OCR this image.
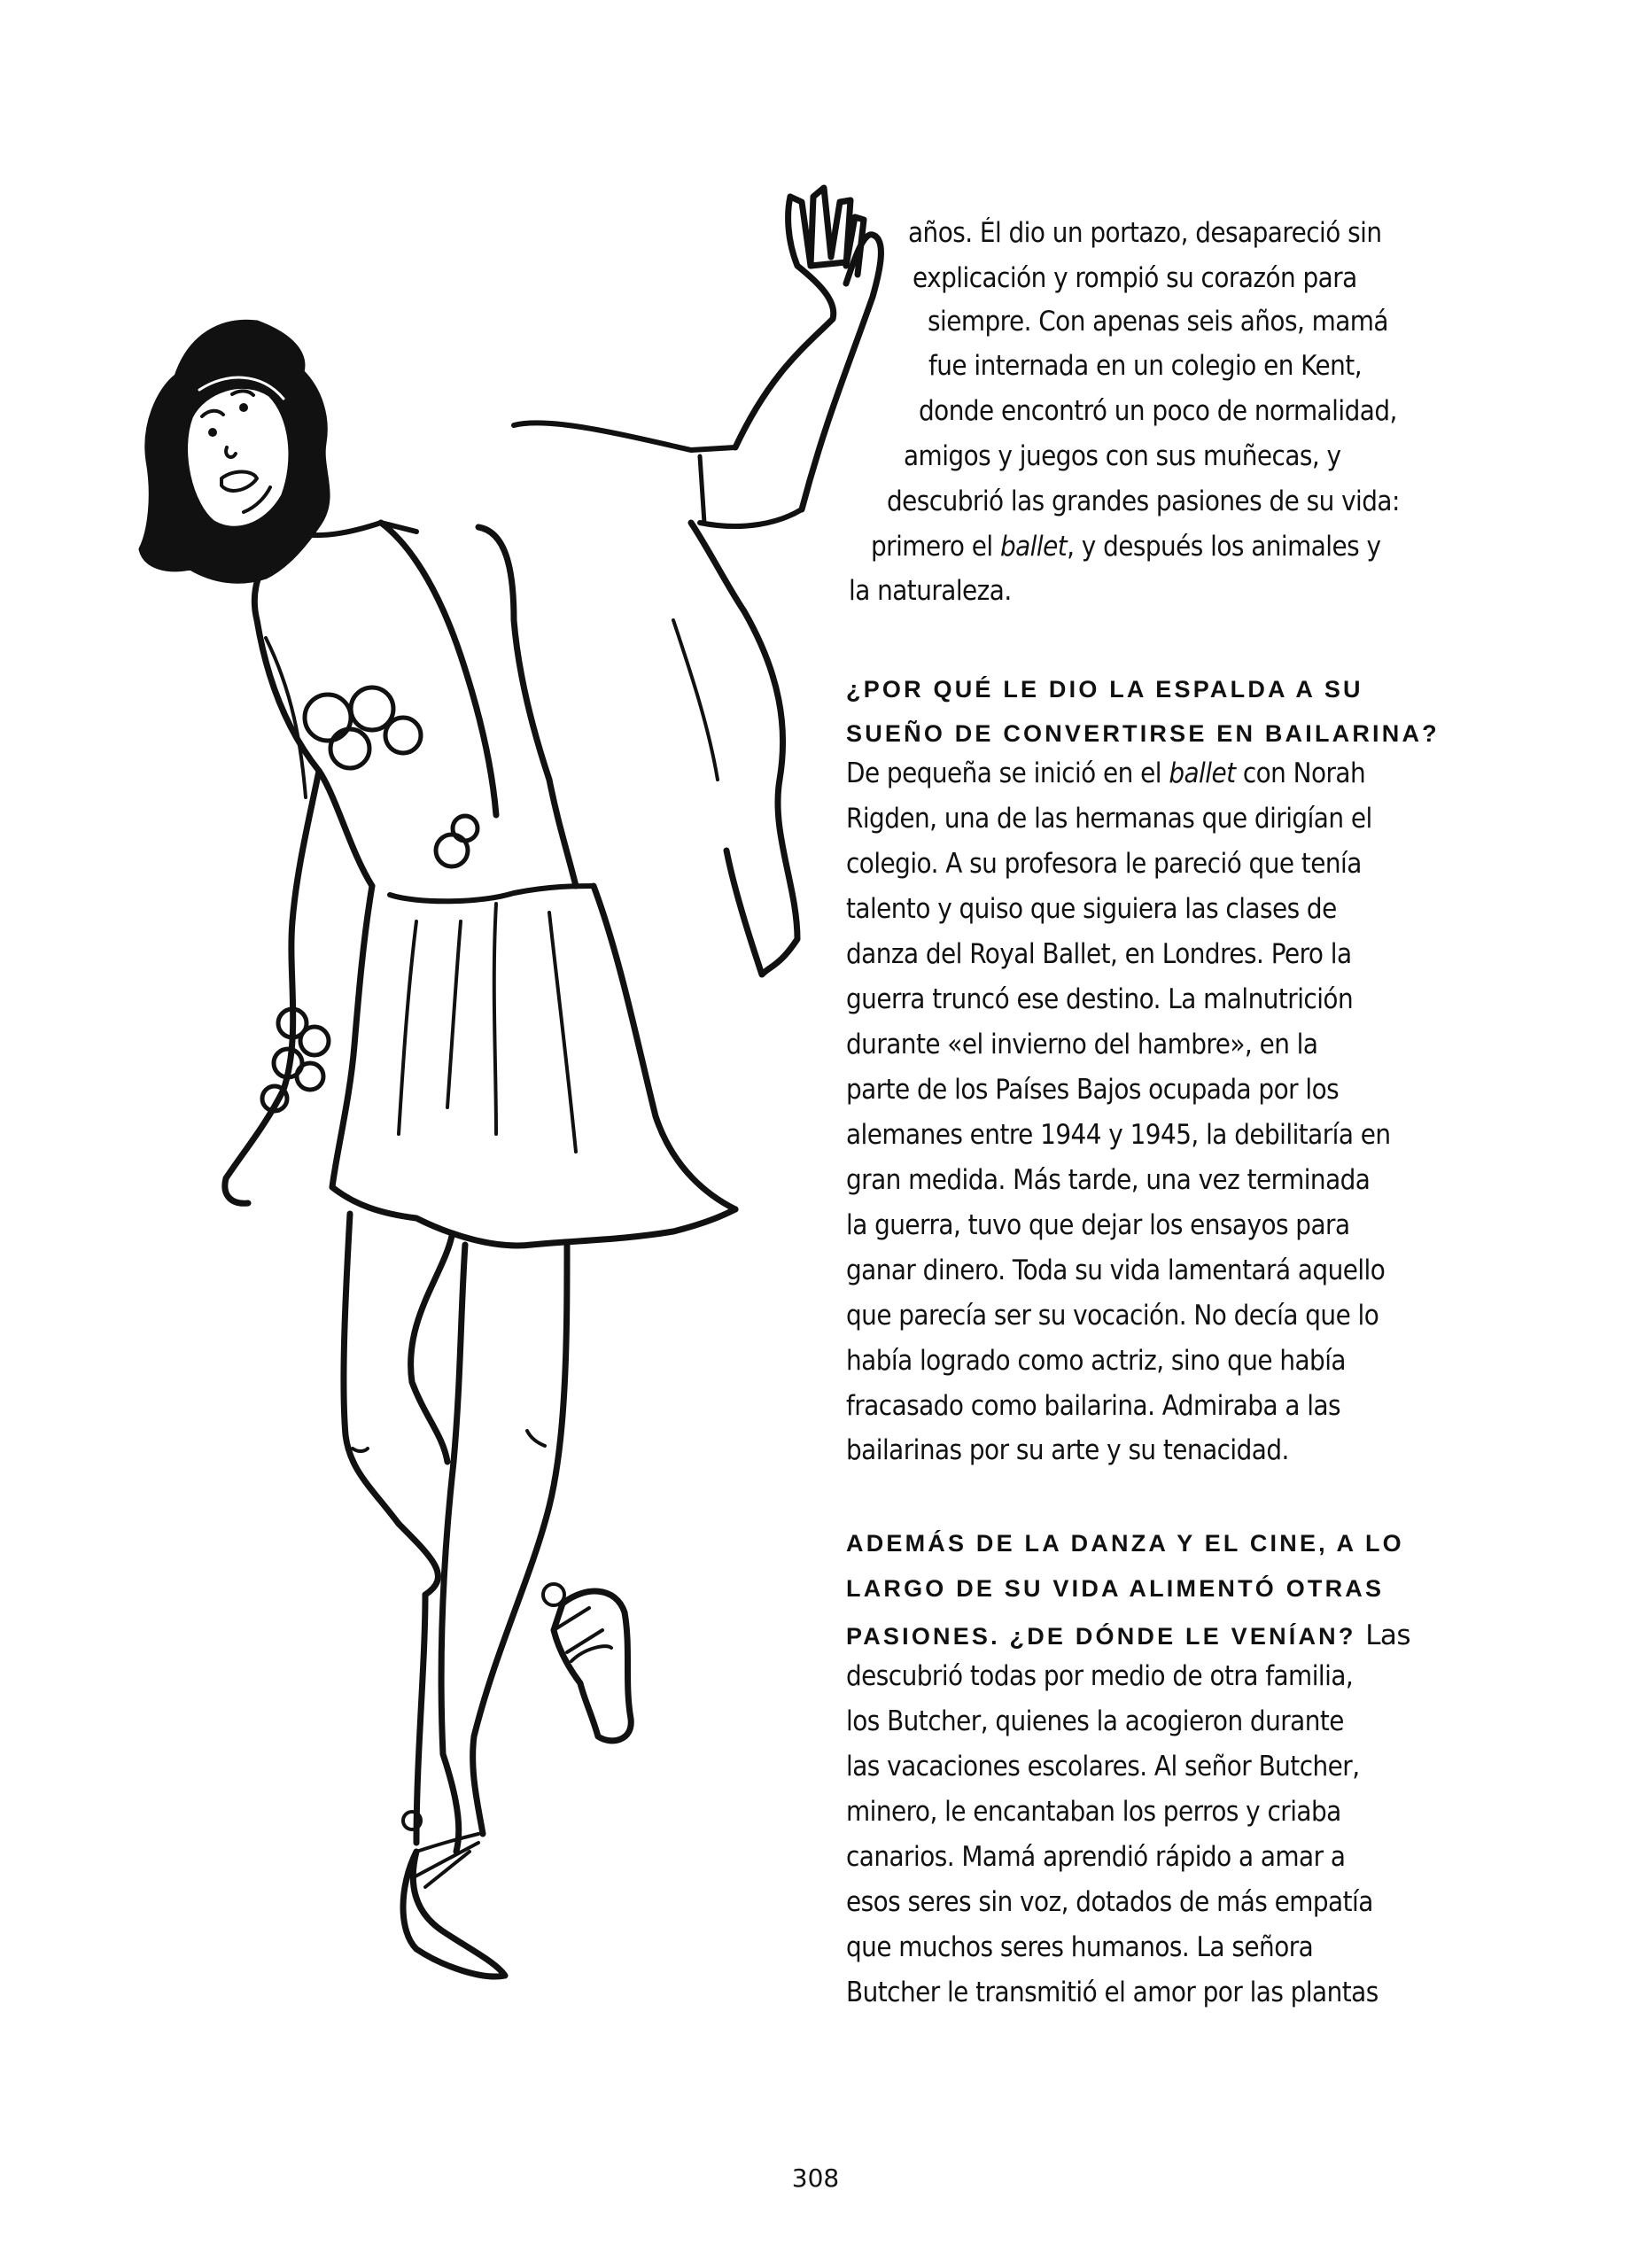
años. Él dio un portazo, desapareció sin
explicación y rompió su corazón para
siempre. Con apenas seis años, mamá
fue internada en un colegio en Kent,
donde encontró un poco de normalidad,
amigos y juegos con sus muñecas, y
descubrió las grandes pasiones de su vida:
primero el ballet, y después los animales y
la naturaleza.
¿POR QUÉ LE DIO LA ESPALDA A SU
SUEÑO DE CONVERTIRSE EN BAILARINA?
De pequeña se inició en el ballet con Norah
Rigden, una de las hermanas que dirigían el
colegio. A su profesora le pareció que tenía
talento y quiso que siguiera las clases de
danza del Royal Ballet, en Londres. Pero la
guerra truncó ese destino. La malnutrición
durante «el invierno del hambre», en la
parte de los Países Bajos ocupada por los
alemanes entre 1944 y 1945, la debilitaría en
gran medida. Más tarde, una vez terminada
la guerra, tuvo que dejar los ensayos para
ganar dinero. Toda su vida lamentará aquello
que parecía ser su vocación. No decía que lo
había logrado como actriz, sino que había
fracasado como bailarina. Admiraba a las
bailarinas por su arte y su tenacidad.
ADEMÁS DE LA DANZA Y EL CINE, A LO
LARGO DE SU VIDA ALIMENTÓ OTRAS
PASIONES. ¿DE DÓNDE LE VENÍAN? Las
descubrió todas por medio de otra familia,
los Butcher, quienes la acogieron durante
las vacaciones escolares. Al señor Butcher,
minero, le encantaban los perros y criaba
canarios. Mamá aprendió rápido a amar a
esos seres sin voz, dotados de más empatía
que muchos seres humanos. La señora
Butcher le transmitió el amor por las plantas
308
